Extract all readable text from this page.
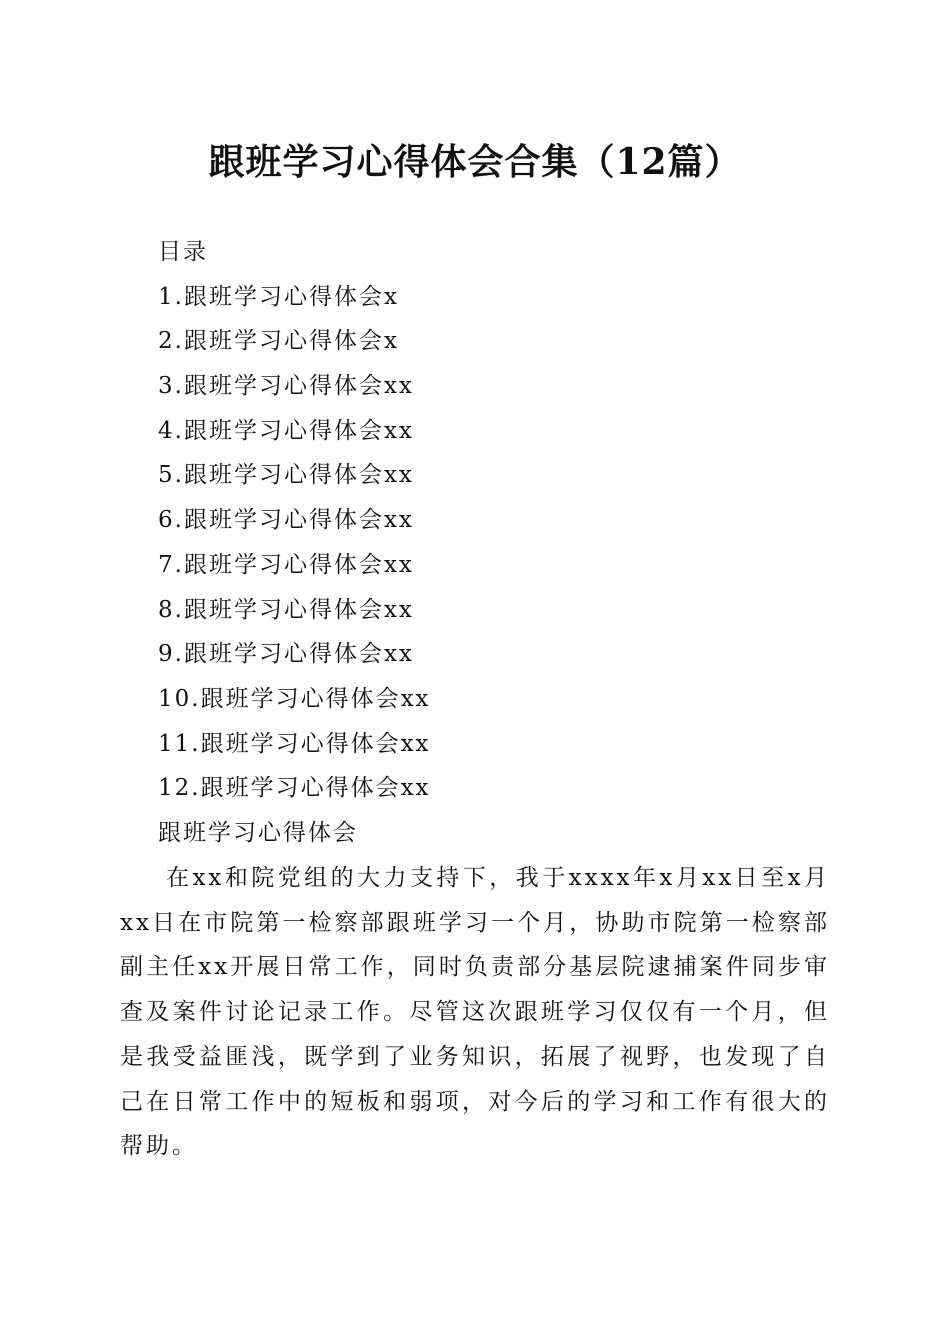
跟班学习心得体会合集（12篇）
目录
1.跟班学习心得体会x
2.跟班学习心得体会x
3.跟班学习心得体会xx
4.跟班学习心得体会xx
5.跟班学习心得体会xx
6.跟班学习心得体会xx
7.跟班学习心得体会xx
8.跟班学习心得体会xx
9.跟班学习心得体会xx
10.跟班学习心得体会xx
11.跟班学习心得体会xx
12.跟班学习心得体会xx
跟班学习心得体会

在xx和院党组的大力支持下，我于xxxx年x月xx日至x月xx日在市院第一检察部跟班学习一个月，协助市院第一检察部副主任xx开展日常工作，同时负责部分基层院逮捕案件同步审查及案件讨论记录工作。尽管这次跟班学习仅仅有一个月，但是我受益匪浅，既学到了业务知识，拓展了视野，也发现了自己在日常工作中的短板和弱项，对今后的学习和工作有很大的帮助。
